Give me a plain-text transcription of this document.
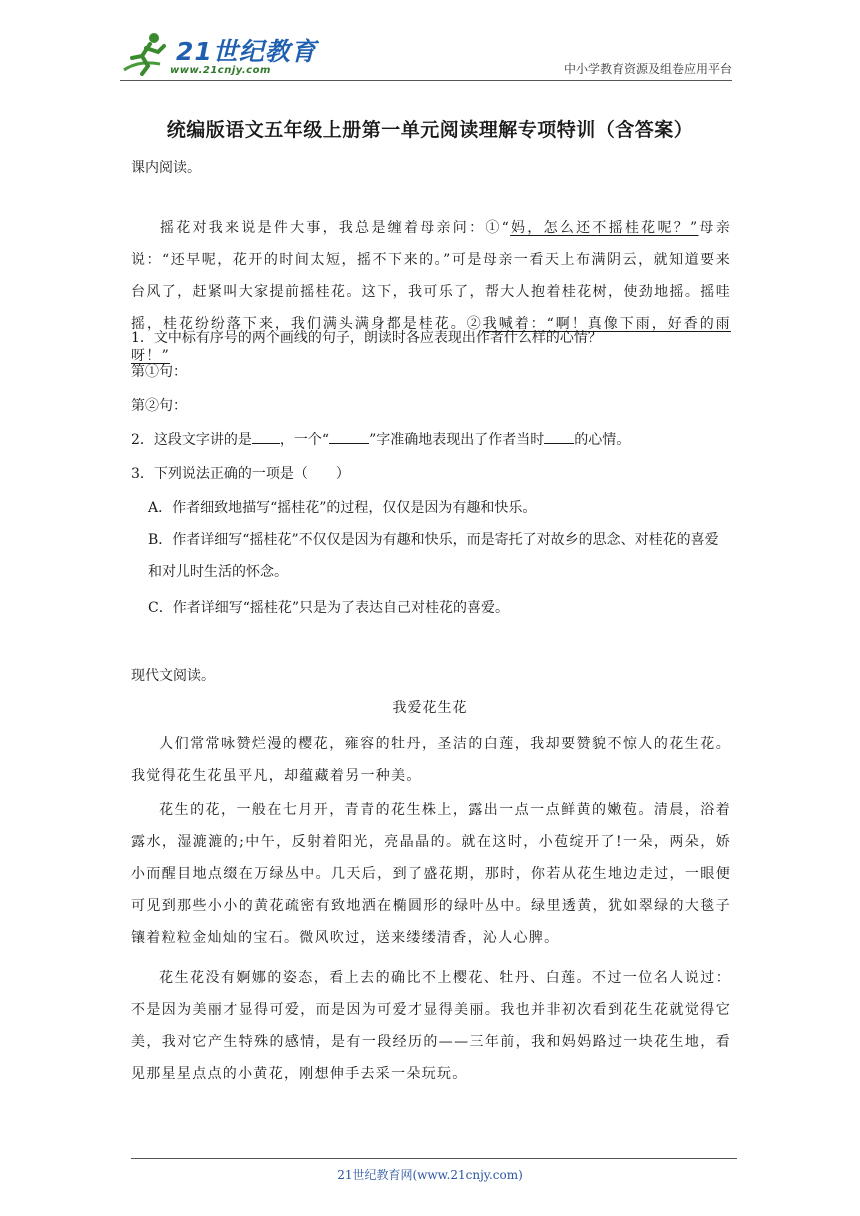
21世纪教育
www.21cnjy.com	中小学教育资源及组卷应用平台
统编版语文五年级上册第一单元阅读理解专项特训（含答案）
课内阅读。
摇花对我来说是件大事，我总是缠着母亲问：①“妈，怎么还不摇桂花呢？”母亲说：“还早呢，花开的时间太短，摇不下来的。”可是母亲一看天上布满阴云，就知道要来台风了，赶紧叫大家提前摇桂花。这下，我可乐了，帮大人抱着桂花树，使劲地摇。摇哇摇，桂花纷纷落下来，我们满头满身都是桂花。②我喊着：“啊！真像下雨，好香的雨呀！”
1．文中标有序号的两个画线的句子，朗读时各应表现出作者什么样的心情？
第①句：
第②句：
2．这段文字讲的是 ，一个“	”字准确地表现出了作者当时 的心情。
3．下列说法正确的一项是（　　）
A．作者细致地描写“摇桂花”的过程，仅仅是因为有趣和快乐。
B．作者详细写“摇桂花”不仅仅是因为有趣和快乐，而是寄托了对故乡的思念、对桂花的喜爱和对儿时生活的怀念。
C．作者详细写“摇桂花”只是为了表达自己对桂花的喜爱。
现代文阅读。
我爱花生花
人们常常咏赞烂漫的樱花，雍容的牡丹，圣洁的白莲，我却要赞貌不惊人的花生花。我觉得花生花虽平凡，却蕴藏着另一种美。
花生的花，一般在七月开，青青的花生株上，露出一点一点鲜黄的嫩苞。清晨，浴着露水，湿漉漉的;中午，反射着阳光，亮晶晶的。就在这时，小苞绽开了!一朵，两朵，娇小而醒目地点缀在万绿丛中。几天后，到了盛花期，那时，你若从花生地边走过，一眼便可见到那些小小的黄花疏密有致地洒在椭圆形的绿叶丛中。绿里透黄，犹如翠绿的大毯子镶着粒粒金灿灿的宝石。微风吹过，送来缕缕清香，沁人心脾。
花生花没有婀娜的姿态，看上去的确比不上樱花、牡丹、白莲。不过一位名人说过：不是因为美丽才显得可爱，而是因为可爱才显得美丽。我也并非初次看到花生花就觉得它美，我对它产生特殊的感情，是有一段经历的——三年前，我和妈妈路过一块花生地，看见那星星点点的小黄花，刚想伸手去采一朵玩玩。
21世纪教育网(www.21cnjy.com)
